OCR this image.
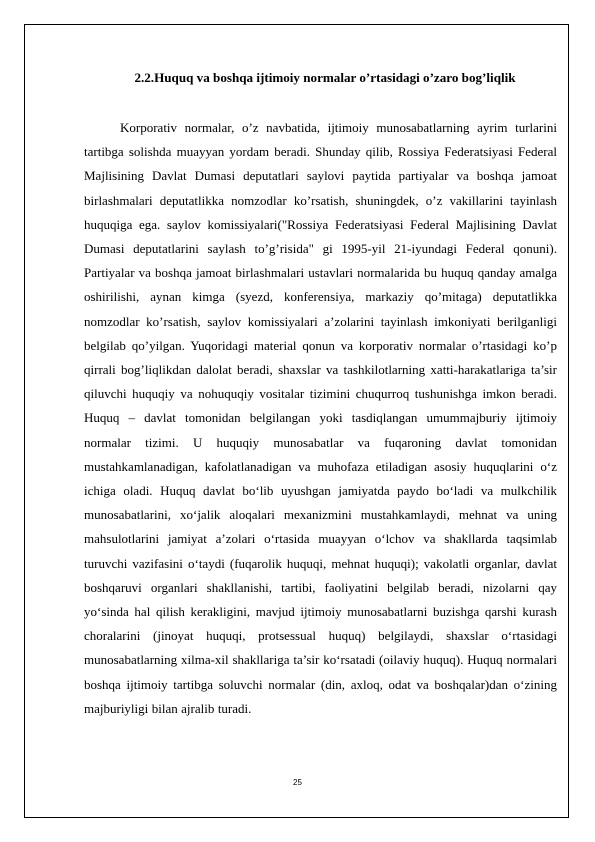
2.2.Huquq va boshqa ijtimoiy normalar o’rtasidagi o’zaro bog’liqlik

Korporativ normalar, o’z navbatida, ijtimoiy munosabatlarning ayrim turlarini tartibga solishda muayyan yordam beradi. Shunday qilib, Rossiya Federatsiyasi Federal Majlisining Davlat Dumasi deputatlari saylovi paytida partiyalar va boshqa jamoat birlashmalari deputatlikka nomzodlar ko’rsatish, shuningdek, o’z vakillarini tayinlash huquqiga ega. saylov komissiyalari("Rossiya Federatsiyasi Federal Majlisining Davlat Dumasi deputatlarini saylash to’g’risida" gi 1995-yil 21-iyundagi Federal qonuni). Partiyalar va boshqa jamoat birlashmalari ustavlari normalarida bu huquq qanday amalga oshirilishi, aynan kimga (syezd, konferensiya, markaziy qo’mitaga) deputatlikka nomzodlar ko’rsatish, saylov komissiyalari a’zolarini tayinlash imkoniyati berilganligi belgilab qo’yilgan. Yuqoridagi material qonun va korporativ normalar o’rtasidagi ko’p qirrali bog’liqlikdan dalolat beradi, shaxslar va tashkilotlarning xatti-harakatlariga ta’sir qiluvchi huquqiy va nohuquqiy vositalar tizimini chuqurroq tushunishga imkon beradi. Huquq – davlat tomonidan belgilangan yoki tasdiqlangan umummajburiy ijtimoiy normalar tizimi. U huquqiy munosabatlar va fuqaroning davlat tomonidan mustahkamlanadigan, kafolatlanadigan va muhofaza etiladigan asosiy huquqlarini o‘z ichiga oladi. Huquq davlat bo‘lib uyushgan jamiyatda paydo bo‘ladi va mulkchilik munosabatlarini, xo‘jalik aloqalari mexanizmini mustahkamlaydi, mehnat va uning mahsulotlarini jamiyat a’zolari o‘rtasida muayyan o‘lchov va shakllarda taqsimlab turuvchi vazifasini o‘taydi (fuqarolik huquqi, mehnat huquqi); vakolatli organlar, davlat boshqaruvi organlari shakllanishi, tartibi, faoliyatini belgilab beradi, nizolarni qay yo‘sinda hal qilish kerakligini, mavjud ijtimoiy munosabatlarni buzishga qarshi kurash choralarini (jinoyat huquqi, protsessual huquq) belgilaydi, shaxslar o‘rtasidagi munosabatlarning xilma-xil shakllariga ta’sir ko‘rsatadi (oilaviy huquq). Huquq normalari boshqa ijtimoiy tartibga soluvchi normalar (din, axloq, odat va boshqalar)dan o‘zining majburiyligi bilan ajralib turadi.

25
